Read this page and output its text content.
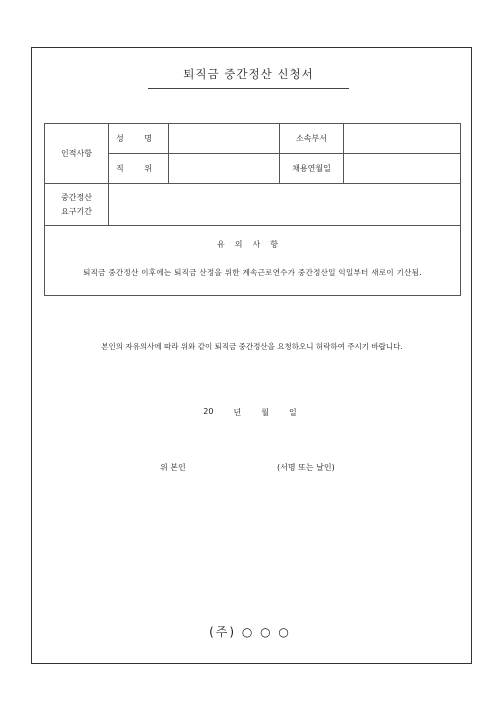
퇴직금 중간정산 신청서
인적사항	성 명		소속부서	
	직 위		채용연월일	

중간정산
요구기간				

유의사항
퇴직금 중간정산 이후에는 퇴직금 산정을 위한 계속근로연수가 중간정산일 익일부터 새로이 기산됨.				
본인의 자유의사에 따라 위와 같이 퇴직금 중간정산을 요청하오니 허락하여 주시기 바랍니다.
20	년	월	일
위 본인	(서명 또는 날인)
(주) ○ ○ ○
